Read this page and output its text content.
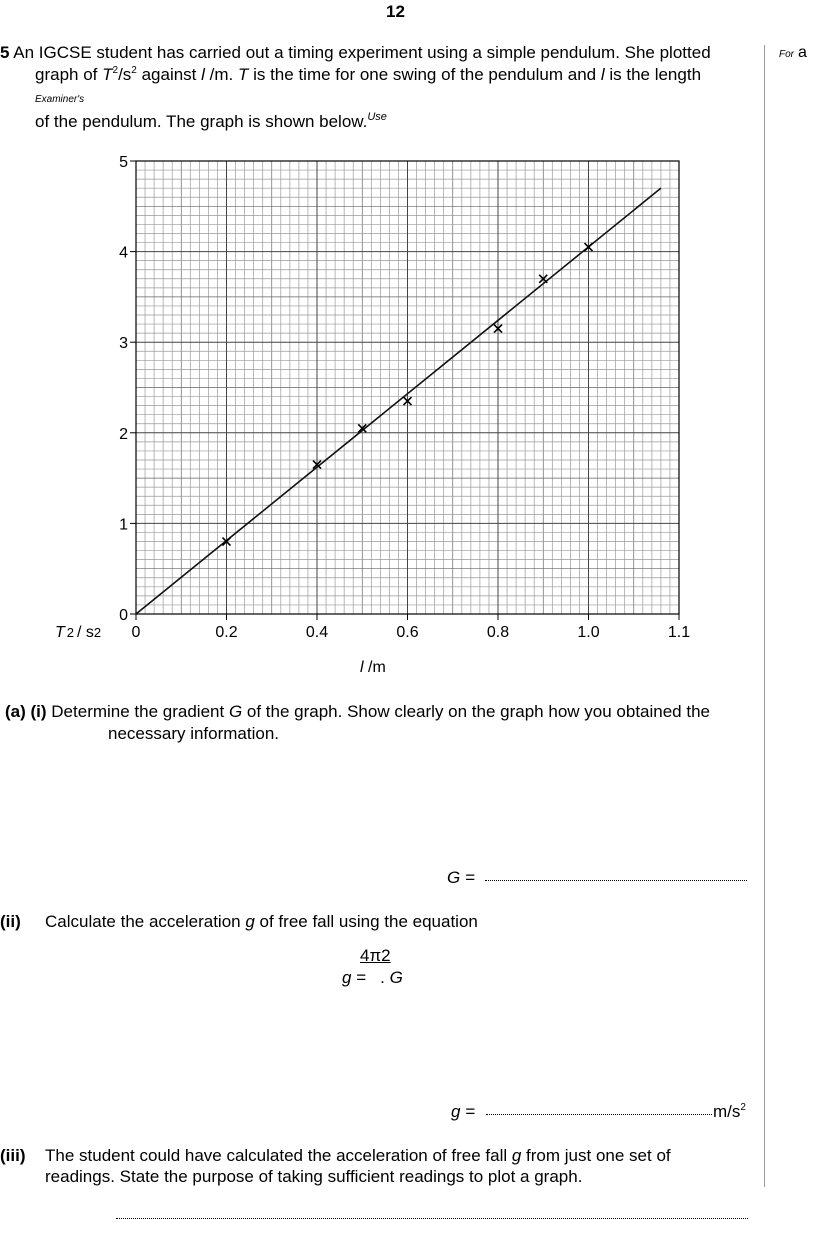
12
For a
5 An IGCSE student has carried out a timing experiment using a simple pendulum. She plotted
graph of $T^2/s^2$ against l /m. T is the time for one swing of the pendulum and l is the length
Examiner's
of the pendulum. The graph is shown below.$^{Use}$
0
1
2
3
4
5
0	0.2	0.4	0.6	0.8	1.0	1.1
T 2 / s2
l /m
(a) (i) Determine the gradient G of the graph. Show clearly on the graph how you obtained the
necessary information.
G =
(ii) Calculate the acceleration g of free fall using the equation
4π2
g = . G
g =	$m/s^2$
(iii) The student could have calculated the acceleration of free fall g from just one set of
readings. State the purpose of taking sufficient readings to plot a graph.
